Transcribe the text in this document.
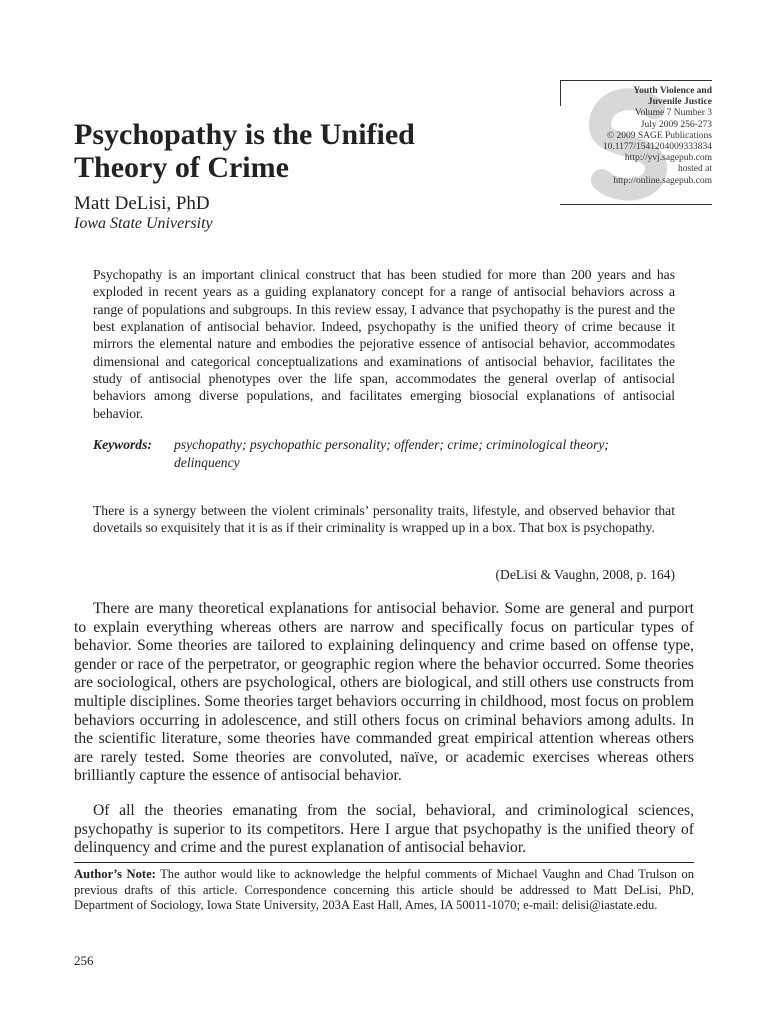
Youth Violence and
Juvenile Justice
Volume 7 Number 3
July 2009 256-273
© 2009 SAGE Publications
10.1177/1541204009333834
http://yvj.sagepub.com
hosted at
http://online.sagepub.com
Psychopathy is the Unified
Theory of Crime
Matt DeLisi, PhD
Iowa State University

Psychopathy is an important clinical construct that has been studied for more than 200 years and has exploded in recent years as a guiding explanatory concept for a range of antisocial behaviors across a range of populations and subgroups. In this review essay, I advance that psychopathy is the purest and the best explanation of antisocial behavior. Indeed, psychopathy is the unified theory of crime because it mirrors the elemental nature and embodies the pejorative essence of antisocial behavior, accommodates dimensional and categorical conceptualizations and examinations of antisocial behavior, facilitates the study of antisocial phenotypes over the life span, accommodates the general overlap of antisocial behaviors among diverse populations, and facilitates emerging biosocial explanations of antisocial behavior.

Keywords: psychopathy; psychopathic personality; offender; crime; criminological theory; delinquency

There is a synergy between the violent criminals’ personality traits, lifestyle, and observed behavior that dovetails so exquisitely that it is as if their criminality is wrapped up in a box. That box is psychopathy.

(DeLisi & Vaughn, 2008, p. 164)

There are many theoretical explanations for antisocial behavior. Some are general and purport to explain everything whereas others are narrow and specifically focus on particular types of behavior. Some theories are tailored to explaining delinquency and crime based on offense type, gender or race of the perpetrator, or geographic region where the behavior occurred. Some theories are sociological, others are psychological, others are biological, and still others use constructs from multiple disciplines. Some theories target behaviors occurring in childhood, most focus on problem behaviors occurring in adolescence, and still others focus on criminal behaviors among adults. In the scientific literature, some theories have commanded great empirical attention whereas others are rarely tested. Some theories are convoluted, naïve, or academic exercises whereas others brilliantly capture the essence of antisocial behavior.

Of all the theories emanating from the social, behavioral, and criminological sciences, psychopathy is superior to its competitors. Here I argue that psychopathy is the unified theory of delinquency and crime and the purest explanation of antisocial behavior.

Author’s Note: The author would like to acknowledge the helpful comments of Michael Vaughn and Chad Trulson on previous drafts of this article. Correspondence concerning this article should be addressed to Matt DeLisi, PhD, Department of Sociology, Iowa State University, 203A East Hall, Ames, IA 50011-1070; e-mail: delisi@iastate.edu.

256
